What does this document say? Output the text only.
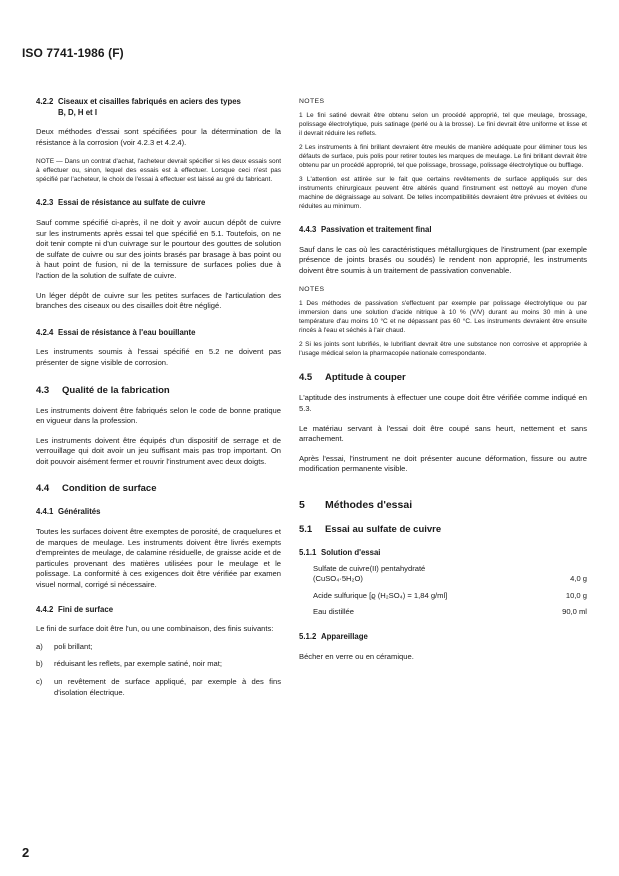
ISO 7741-1986 (F)
4.2.2 Ciseaux et cisailles fabriqués en aciers des types
B, D, H et I

Deux méthodes d'essai sont spécifiées pour la détermination de la résistance à la corrosion (voir 4.2.3 et 4.2.4).

NOTE — Dans un contrat d'achat, l'acheteur devrait spécifier si les deux essais sont à effectuer ou, sinon, lequel des essais est à effectuer. Lorsque ceci n'est pas spécifié par l'acheteur, le choix de l'essai à effectuer est laissé au gré du fabricant.

4.2.3 Essai de résistance au sulfate de cuivre

Sauf comme spécifié ci-après, il ne doit y avoir aucun dépôt de cuivre sur les instruments après essai tel que spécifié en 5.1. Toutefois, on ne doit tenir compte ni d'un cuivrage sur le pourtour des gouttes de solution de sulfate de cuivre ou sur des joints brasés par brasage à bas point ou à haut point de fusion, ni de la ternissure de surfaces polies due à l'action de la solution de sulfate de cuivre.

Un léger dépôt de cuivre sur les petites surfaces de l'articulation des branches des ciseaux ou des cisailles doit être négligé.

4.2.4 Essai de résistance à l'eau bouillante

Les instruments soumis à l'essai spécifié en 5.2 ne doivent pas présenter de signe visible de corrosion.

4.3 Qualité de la fabrication

Les instruments doivent être fabriqués selon le code de bonne pratique en vigueur dans la profession.

Les instruments doivent être équipés d'un dispositif de serrage et de verrouillage qui doit avoir un jeu suffisant mais pas trop important. On doit pouvoir aisément fermer et rouvrir l'instrument avec deux doigts.

4.4 Condition de surface
4.4.1 Généralités

Toutes les surfaces doivent être exemptes de porosité, de craquelures et de marques de meulage. Les instruments doivent être livrés exempts d'empreintes de meulage, de calamine résiduelle, de graisse acide et de particules provenant des matières utilisées pour le meulage et le polissage. La conformité à ces exigences doit être vérifiée par examen visuel normal, corrigé si nécessaire.

4.4.2 Fini de surface

Le fini de surface doit être l'un, ou une combinaison, des finis suivants:

a)	poli brillant;
b)	réduisant les reflets, par exemple satiné, noir mat;
c)	un revêtement de surface appliqué, par exemple à des fins d'isolation électrique.
NOTES

1 Le fini satiné devrait être obtenu selon un procédé approprié, tel que meulage, brossage, polissage électrolytique, puis satinage (perlé ou à la brosse). Le fini devrait être uniforme et lisse et il devrait réduire les reflets.

2 Les instruments à fini brillant devraient être meulés de manière adéquate pour éliminer tous les défauts de surface, puis polis pour retirer toutes les marques de meulage. Le fini brillant devrait être obtenu par un procédé approprié, tel que polissage, brossage, polissage électrolytique ou bufflage.

3 L'attention est attirée sur le fait que certains revêtements de surface appliqués sur des instruments chirurgicaux peuvent être altérés quand l'instrument est nettoyé au moyen d'une machine de dégraissage au solvant. De telles incompatibilités devraient être prévues et évitées ou réduites au minimum.

4.4.3 Passivation et traitement final

Sauf dans le cas où les caractéristiques métallurgiques de l'instrument (par exemple présence de joints brasés ou soudés) le rendent non approprié, les instruments doivent être soumis à un traitement de passivation convenable.

NOTES

1 Des méthodes de passivation s'effectuent par exemple par polissage électrolytique ou par immersion dans une solution d'acide nitrique à 10 % (V/V) durant au moins 30 min à une température d'au moins 10 °C et ne dépassant pas 60 °C. Les instruments devraient être ensuite rincés à l'eau et séchés à l'air chaud.

2 Si les joints sont lubrifiés, le lubrifiant devrait être une substance non corrosive et appropriée à l'usage médical selon la pharmacopée nationale correspondante.

4.5 Aptitude à couper

L'aptitude des instruments à effectuer une coupe doit être vérifiée comme indiqué en 5.3.

Le matériau servant à l'essai doit être coupé sans heurt, nettement et sans arrachement.

Après l'essai, l'instrument ne doit présenter aucune déformation, fissure ou autre modification permanente visible.

5 Méthodes d'essai
5.1 Essai au sulfate de cuivre
5.1.1 Solution d'essai
Sulfate de cuivre(II) pentahydraté
(CuSO₄·5H₂O)	4,0 g
Acide sulfurique [ϱ (H₂SO₄) = 1,84 g/ml]	10,0 g
Eau distillée	90,0 ml
5.1.2 Appareillage

Bécher en verre ou en céramique.

2
